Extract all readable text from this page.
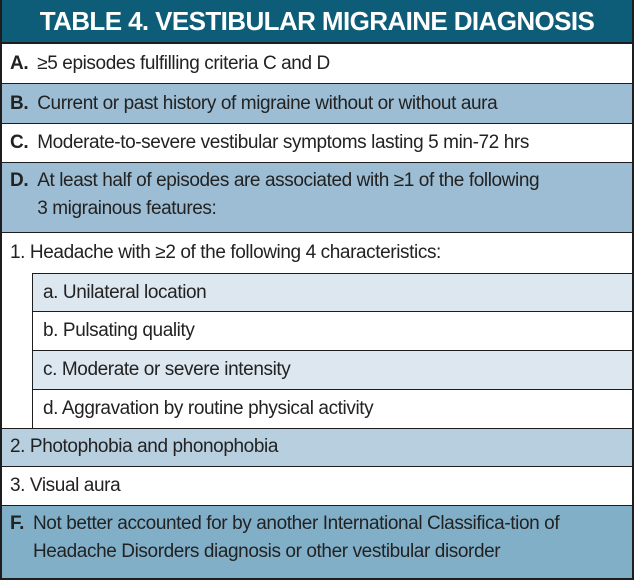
TABLE 4. VESTIBULAR MIGRAINE DIAGNOSIS
A. ≥5 episodes fulfilling criteria C and D
B. Current or past history of migraine without or without aura
C. Moderate-to-severe vestibular symptoms lasting 5 min-72 hrs
D. At least half of episodes are associated with ≥1 of the following 3 migrainous features:
1. Headache with ≥2 of the following 4 characteristics:
a. Unilateral location
b. Pulsating quality
c. Moderate or severe intensity
d. Aggravation by routine physical activity
2. Photophobia and phonophobia
3. Visual aura
F. Not better accounted for by another International Classifica-tion of Headache Disorders diagnosis or other vestibular disorder
